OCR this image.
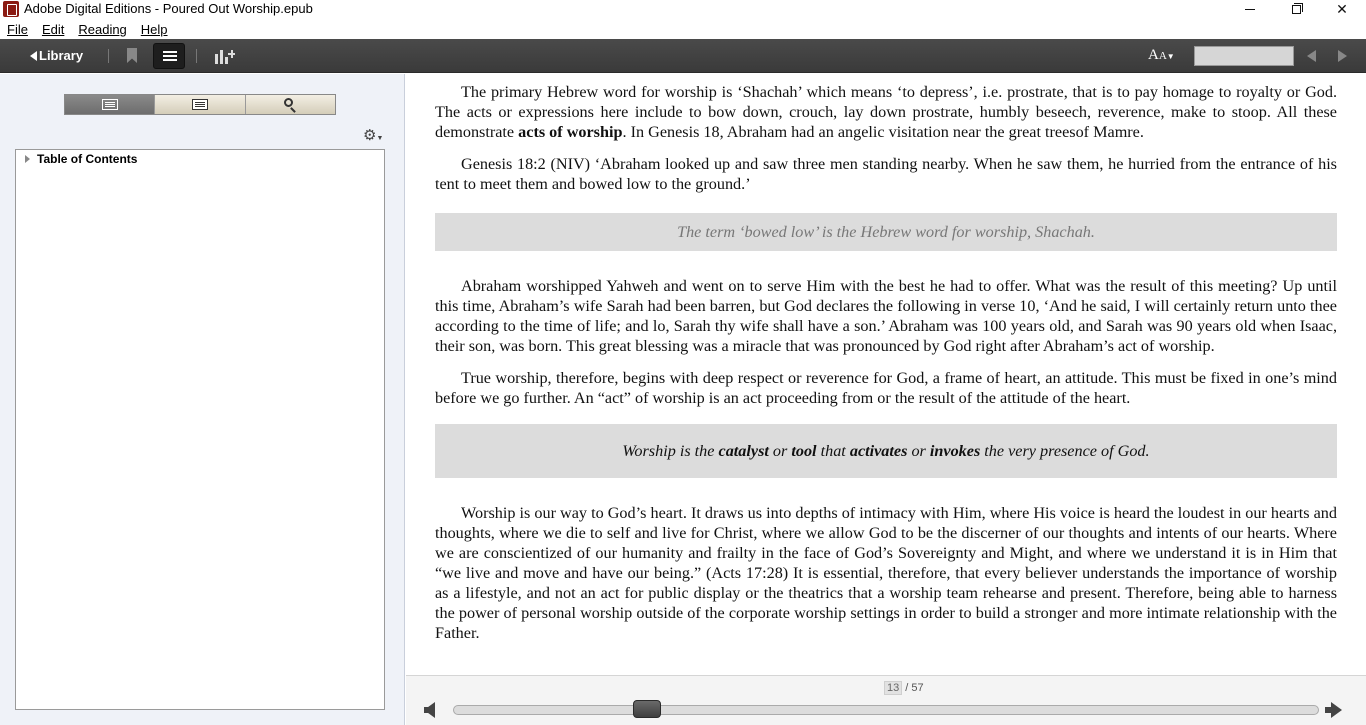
Adobe Digital Editions - Poured Out Worship.epub	✕
File	Edit	Reading	Help
Library	AA▼
⚙▼
Table of Contents

The primary Hebrew word for worship is ‘Shachah’ which means ‘to depress’, i.e. prostrate, that is to pay homage to royalty or God. The acts or expressions here include to bow down, crouch, lay down prostrate, humbly beseech, reverence, make to stoop. All these demonstrate acts of worship. In Genesis 18, Abraham had an angelic visitation near the great treesof Mamre.

Genesis 18:2 (NIV) ‘Abraham looked up and saw three men standing nearby. When he saw them, he hurried from the entrance of his tent to meet them and bowed low to the ground.’

The term ‘bowed low’ is the Hebrew word for worship, Shachah.

Abraham worshipped Yahweh and went on to serve Him with the best he had to offer. What was the result of this meeting? Up until this time, Abraham’s wife Sarah had been barren, but God declares the following in verse 10, ‘And he said, I will certainly return unto thee according to the time of life; and lo, Sarah thy wife shall have a son.’ Abraham was 100 years old, and Sarah was 90 years old when Isaac, their son, was born. This great blessing was a miracle that was pronounced by God right after Abraham’s act of worship.

True worship, therefore, begins with deep respect or reverence for God, a frame of heart, an attitude. This must be fixed in one’s mind before we go further. An “act” of worship is an act proceeding from or the result of the attitude of the heart.

Worship is the catalyst or tool that activates or invokes the very presence of God.

Worship is our way to God’s heart. It draws us into depths of intimacy with Him, where His voice is heard the loudest in our hearts and thoughts, where we die to self and live for Christ, where we allow God to be the discerner of our thoughts and intents of our hearts. Where we are conscientized of our humanity and frailty in the face of God’s Sovereignty and Might, and where we understand it is in Him that “we live and move and have our being.” (Acts 17:28) It is essential, therefore, that every believer understands the importance of worship as a lifestyle, and not an act for public display or the theatrics that a worship team rehearse and present. Therefore, being able to harness the power of personal worship outside of the corporate worship settings in order to build a stronger and more intimate relationship with the Father.

13 / 57
